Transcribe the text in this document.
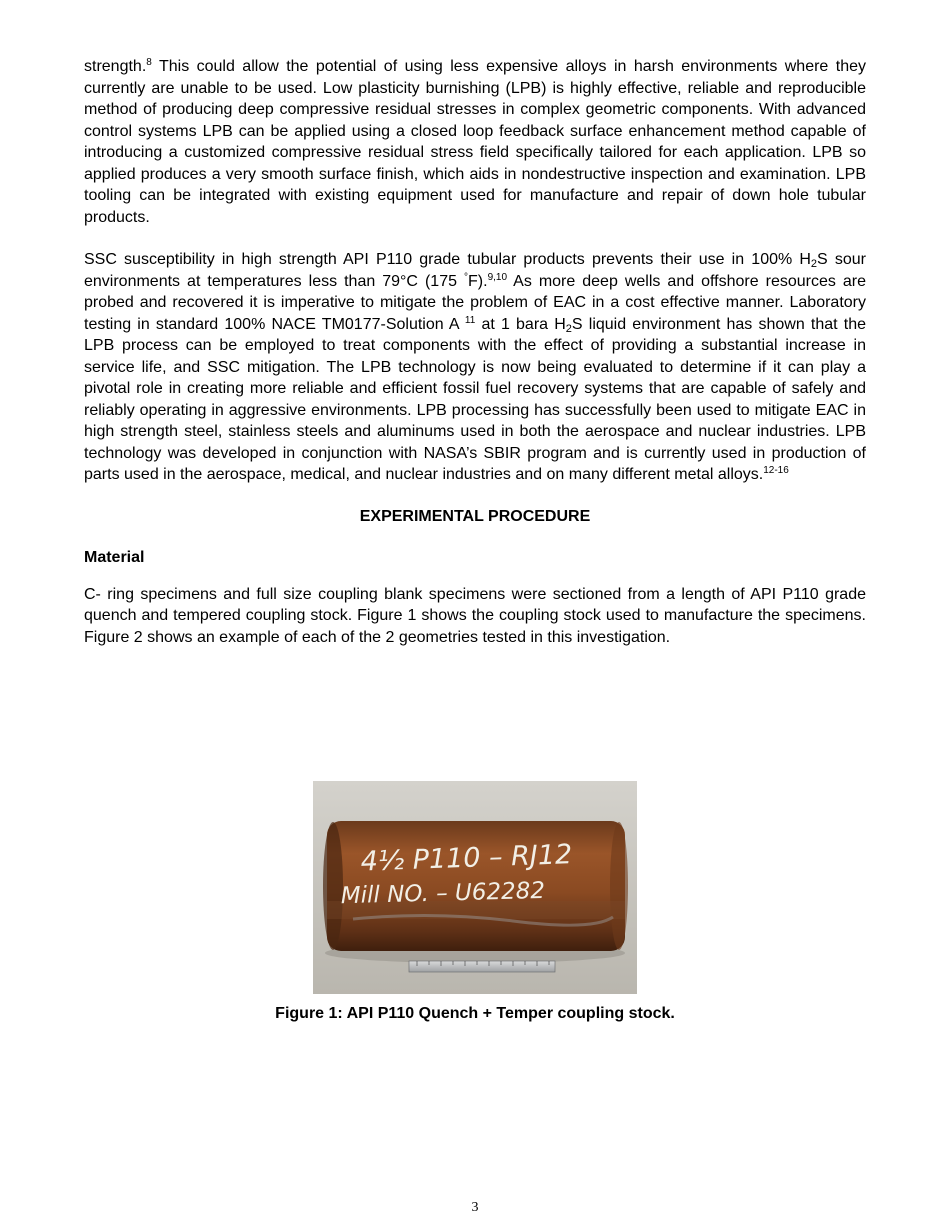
strength.$^8$ This could allow the potential of using less expensive alloys in harsh environments where they currently are unable to be used. Low plasticity burnishing (LPB) is highly effective, reliable and reproducible method of producing deep compressive residual stresses in complex geometric components. With advanced control systems LPB can be applied using a closed loop feedback surface enhancement method capable of introducing a customized compressive residual stress field specifically tailored for each application. LPB so applied produces a very smooth surface finish, which aids in nondestructive inspection and examination. LPB tooling can be integrated with existing equipment used for manufacture and repair of down hole tubular products.

SSC susceptibility in high strength API P110 grade tubular products prevents their use in 100% $H_2S$ sour environments at temperatures less than 79°C (175 °F).$^{9,10}$ As more deep wells and offshore resources are probed and recovered it is imperative to mitigate the problem of EAC in a cost effective manner. Laboratory testing in standard 100% NACE TM0177-Solution A $^{11}$ at 1 bara $H_2S$ liquid environment has shown that the LPB process can be employed to treat components with the effect of providing a substantial increase in service life, and SSC mitigation. The LPB technology is now being evaluated to determine if it can play a pivotal role in creating more reliable and efficient fossil fuel recovery systems that are capable of safely and reliably operating in aggressive environments. LPB processing has successfully been used to mitigate EAC in high strength steel, stainless steels and aluminums used in both the aerospace and nuclear industries. LPB technology was developed in conjunction with NASA’s SBIR program and is currently used in production of parts used in the aerospace, medical, and nuclear industries and on many different metal alloys.$^{12-16}$

EXPERIMENTAL PROCEDURE
Material

C- ring specimens and full size coupling blank specimens were sectioned from a length of API P110 grade quench and tempered coupling stock. Figure 1 shows the coupling stock used to manufacture the specimens. Figure 2 shows an example of each of the 2 geometries tested in this investigation.

4½ P110 – RJ12
Mill NO. – U62282
Figure 1: API P110 Quench + Temper coupling stock.
3
